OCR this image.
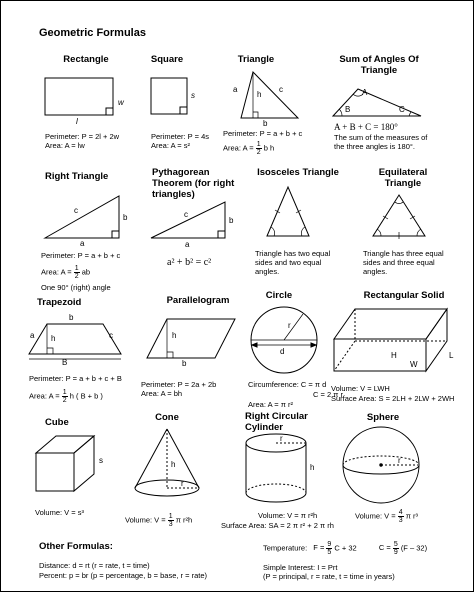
Geometric Formulas
Rectangle
w
l
Perimeter: P = 2l + 2w
Area: A = lw
Square
s
Perimeter: P = 4s
Area: A = s²
Triangle
a
h
c
b
Perimeter: P = a + b + c
Area: $A = \frac{1}{2}$ b h
Sum of Angles Of Triangle
A
B	C
A + B + C = 180°
The sum of the measures of
the three angles is 180°.
Right Triangle
c
b
a
Perimeter: P = a + b + c
Area: $A = \frac{1}{2}$ ab
One 90° (right) angle
Pythagorean Theorem (for right triangles)
c
b
a
a² + b² = c²
Isosceles Triangle
Triangle has two equal
sides and two equal
angles.
Equilateral Triangle
Triangle has three equal
sides and three equal
angles.
Trapezoid
b
a h	c
B
Perimeter: P = a + b + c + B
Area: $A = \frac{1}{2}$ h ( B + b )
Parallelogram
h
b
Perimeter: P = 2a + 2b
Area: A = bh
Circle
r
d
Circumference: C = π d
C = 2 π r
Area: A = π r²
Rectangular Solid
H
W
L
Volume: V = LWH
Surface Area: S = 2LH + 2LW + 2WH
Cube
s
Volume: V = s³
Cone
h
r
Volume: $V = \frac{1}{3}$ π r²h
Right Circular Cylinder
r
h
Volume: V = π r²h
Surface Area: SA = 2 π r² + 2 π rh
Sphere
r
Volume: $V = \frac{4}{3}$ π r³
Other Formulas:
Distance: d = rt (r = rate, t = time)
Percent: p = br (p = percentage, b = base, r = rate)
Temperature: $F = \frac{9}{5}$ C + 32	$C = \frac{5}{9} (F - 32)$
Simple Interest: I = Prt
(P = principal, r = rate, t = time in years)
